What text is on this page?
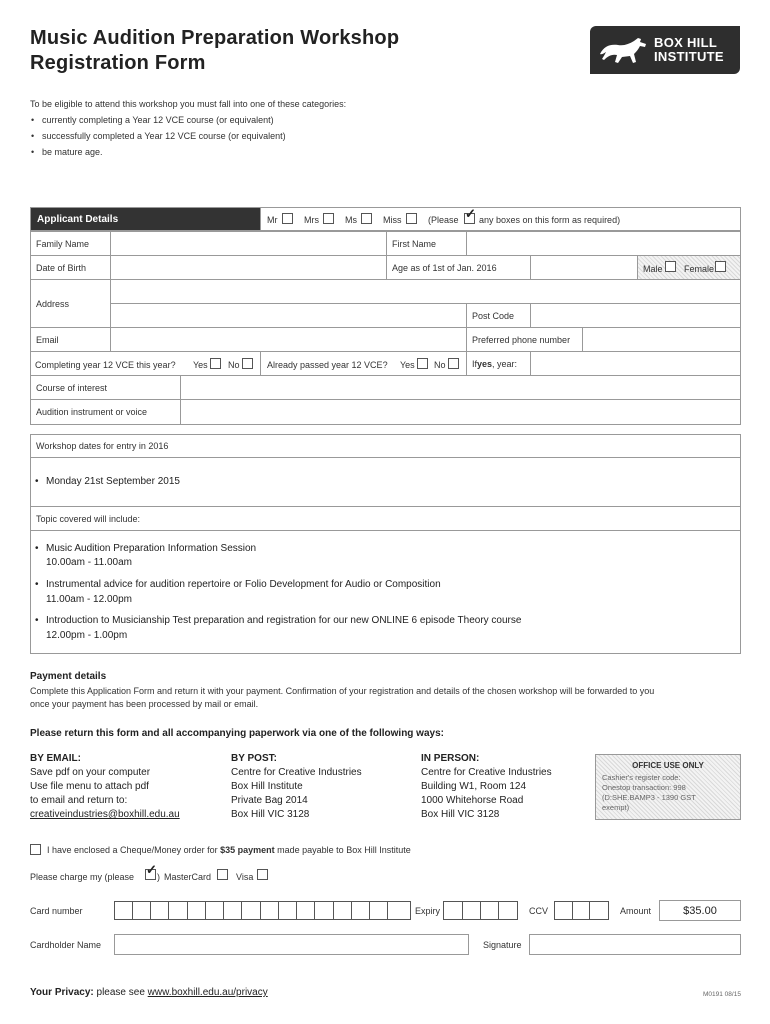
Music Audition Preparation Workshop
Registration Form
BOX HILL
INSTITUTE
To be eligible to attend this workshop you must fall into one of these categories:
• currently completing a Year 12 VCE course (or equivalent)
• successfully completed a Year 12 VCE course (or equivalent)
• be mature age.
Applicant Details	Mr	Mrs	Ms	Miss	(Please ✓ any boxes on this form as required)
Family Name	First Name
Date of Birth	Age as of 1st of Jan. 2016	Male Female
Address
Post Code
Email	Preferred phone number
Completing year 12 VCE this year? Yes No	Already passed year 12 VCE? Yes No	If yes , year:
Course of interest
Audition instrument or voice
Workshop dates for entry in 2016
• Monday 21st September 2015
Topic covered will include:
• Music Audition Preparation Information Session
10.00am - 11.00am
• Instrumental advice for audition repertoire or Folio Development for Audio or Composition
11.00am - 12.00pm
• Introduction to Musicianship Test preparation and registration for our new ONLINE 6 episode Theory course
12.00pm - 1.00pm
Payment details
Complete this Application Form and return it with your payment. Confirmation of your registration and details of the chosen workshop will be forwarded to you
once your payment has been processed by mail or email.
Please return this form and all accompanying paperwork via one of the following ways:
BY EMAIL:
Save pdf on your computer
Use file menu to attach pdf
to email and return to:
creativeindustries@boxhill.edu.au
BY POST:
Centre for Creative Industries
Box Hill Institute
Private Bag 2014
Box Hill VIC 3128
IN PERSON:
Centre for Creative Industries
Building W1, Room 124
1000 Whitehorse Road
Box Hill VIC 3128
OFFICE USE ONLY
Cashier's register code:
Onestop transaction: 998
(D:SHE.BAMP3 - 1390 GST
exempt)
I have enclosed a Cheque/Money order for $35 payment made payable to Box Hill Institute
Please charge my (please ✓ ) MasterCard	Visa
Card number	Expiry	CCV	Amount	$35.00
Cardholder Name	Signature
Your Privacy: please see www.boxhill.edu.au/privacy	M0191 08/15
